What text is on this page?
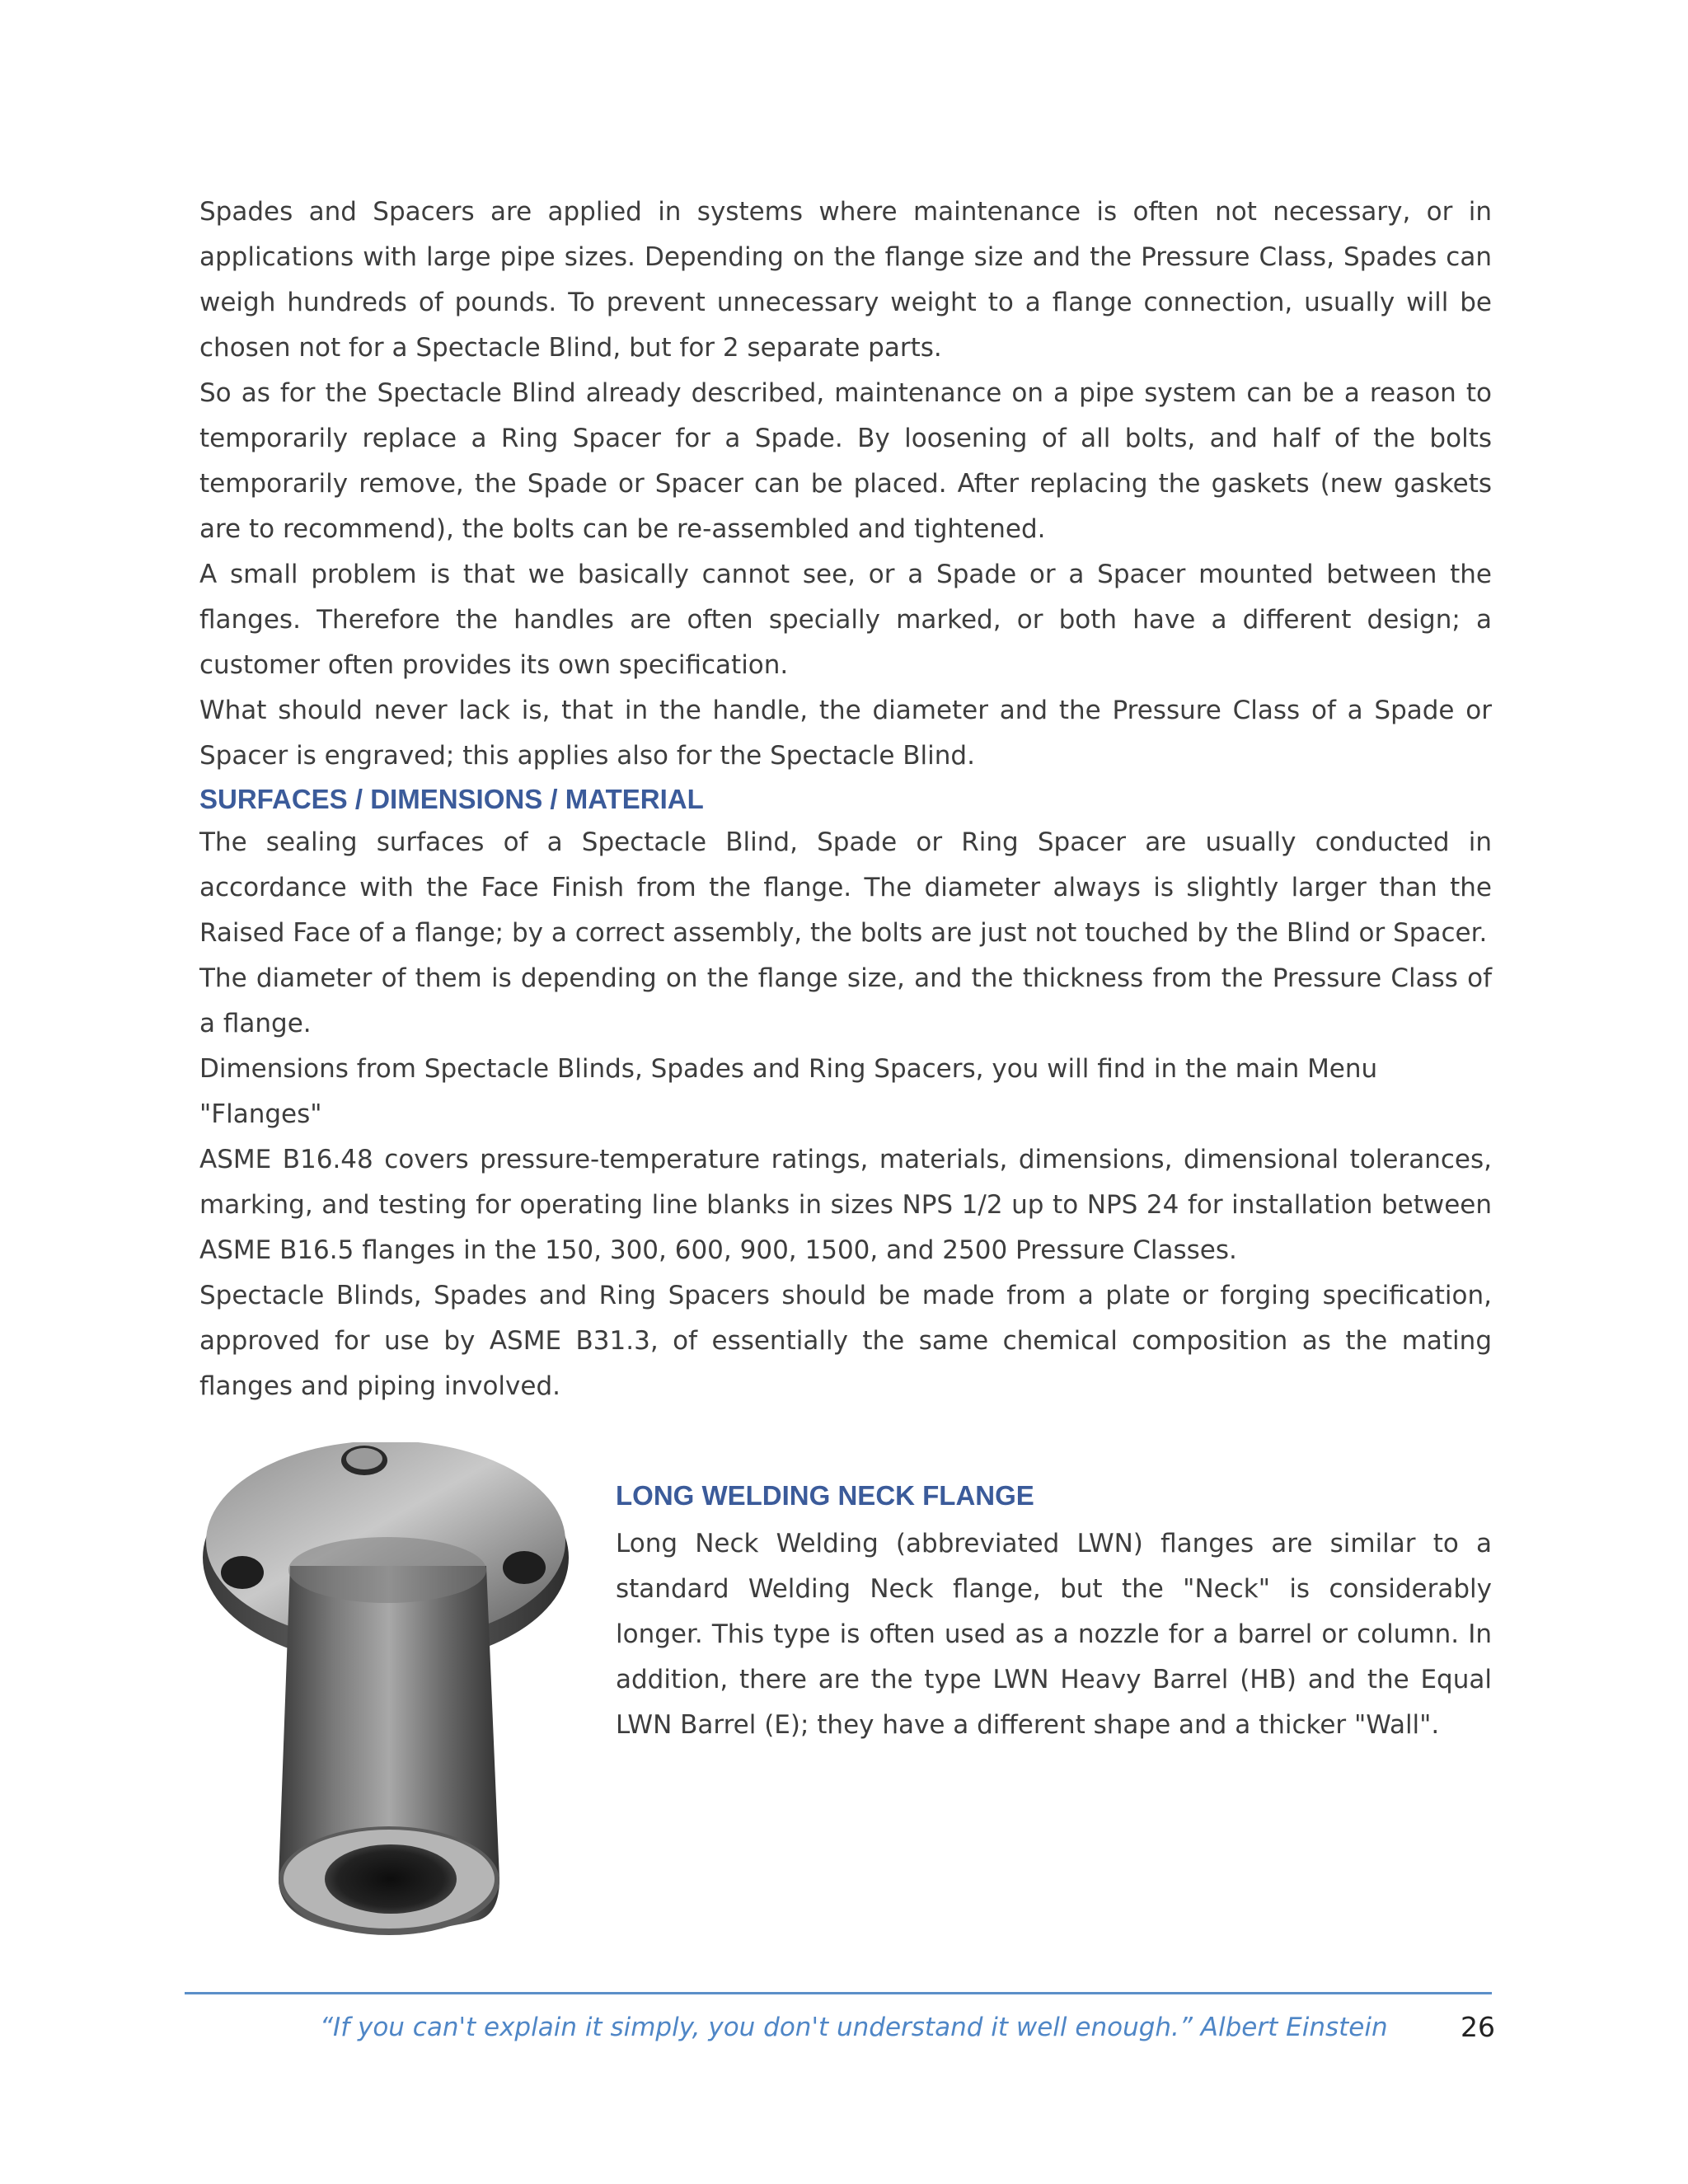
Spades and Spacers are applied in systems where maintenance is often not necessary, or in applications with large pipe sizes. Depending on the flange size and the Pressure Class, Spades can weigh hundreds of pounds. To prevent unnecessary weight to a flange connection, usually will be chosen not for a Spectacle Blind, but for 2 separate parts.

So as for the Spectacle Blind already described, maintenance on a pipe system can be a reason to temporarily replace a Ring Spacer for a Spade. By loosening of all bolts, and half of the bolts temporarily remove, the Spade or Spacer can be placed. After replacing the gaskets (new gaskets are to recommend), the bolts can be re-assembled and tightened.

A small problem is that we basically cannot see, or a Spade or a Spacer mounted between the flanges. Therefore the handles are often specially marked, or both have a different design; a customer often provides its own specification.

What should never lack is, that in the handle, the diameter and the Pressure Class of a Spade or Spacer is engraved; this applies also for the Spectacle Blind.

SURFACES / DIMENSIONS / MATERIAL

The sealing surfaces of a Spectacle Blind, Spade or Ring Spacer are usually conducted in accordance with the Face Finish from the flange. The diameter always is slightly larger than the Raised Face of a flange; by a correct assembly, the bolts are just not touched by the Blind or Spacer.

The diameter of them is depending on the flange size, and the thickness from the Pressure Class of a flange.

Dimensions from Spectacle Blinds, Spades and Ring Spacers, you will find in the main Menu "Flanges"

ASME B16.48 covers pressure-temperature ratings, materials, dimensions, dimensional tolerances, marking, and testing for operating line blanks in sizes NPS 1/2 up to NPS 24 for installation between ASME B16.5 flanges in the 150, 300, 600, 900, 1500, and 2500 Pressure Classes.

Spectacle Blinds, Spades and Ring Spacers should be made from a plate or forging specification, approved for use by ASME B31.3, of essentially the same chemical composition as the mating flanges and piping involved.

LONG WELDING NECK FLANGE

Long Neck Welding (abbreviated LWN) flanges are similar to a standard Welding Neck flange, but the "Neck" is considerably longer. This type is often used as a nozzle for a barrel or column. In addition, there are the type LWN Heavy Barrel (HB) and the Equal LWN Barrel (E); they have a different shape and a thicker "Wall".

“If you can't explain it simply, you don't understand it well enough.” Albert Einstein	26
